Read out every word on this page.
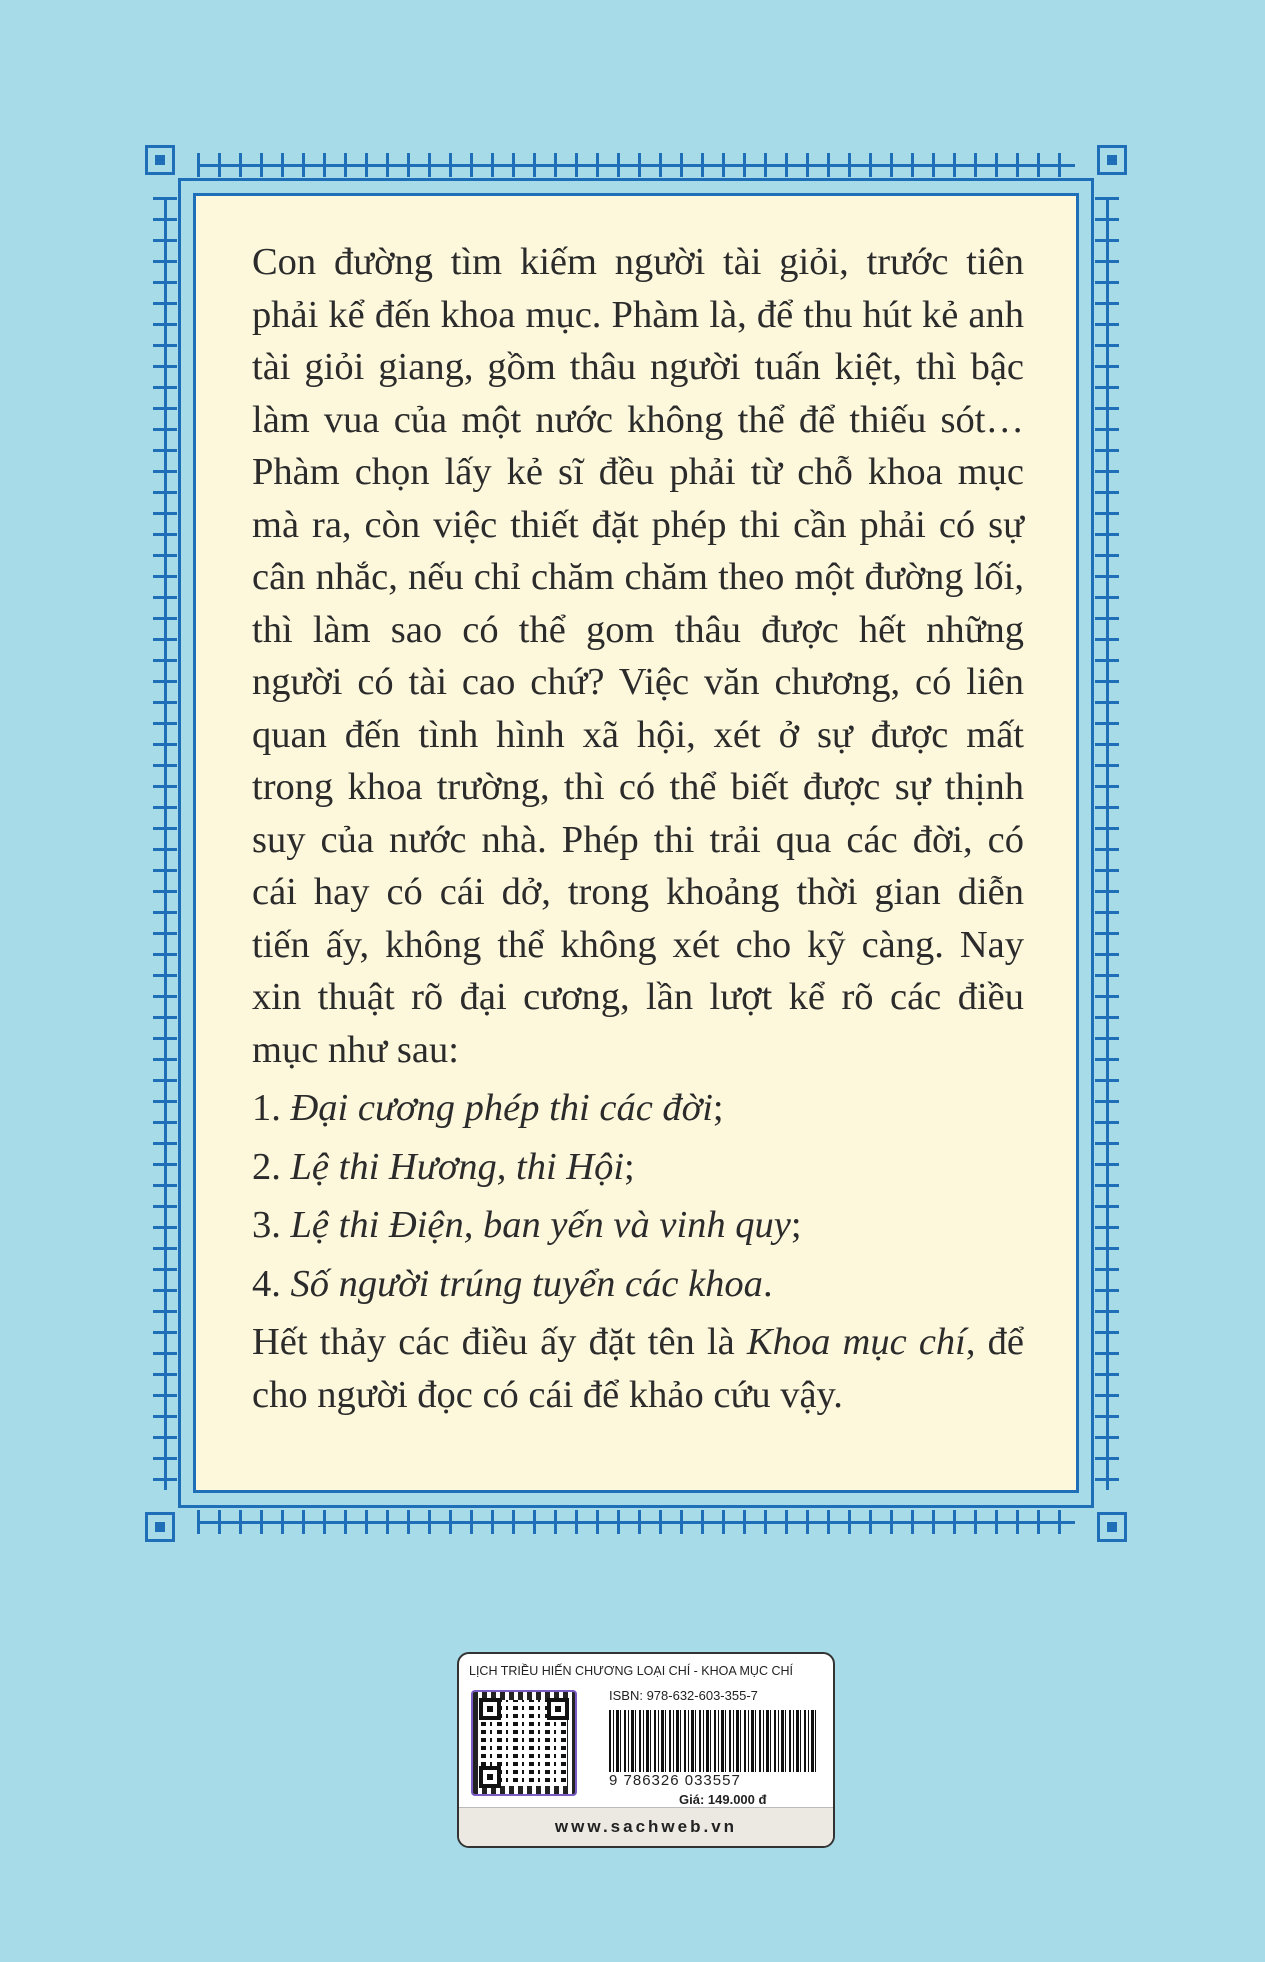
Con đường tìm kiếm người tài giỏi, trước tiên phải kể đến khoa mục. Phàm là, để thu hút kẻ anh tài giỏi giang, gồm thâu người tuấn kiệt, thì bậc làm vua của một nước không thể để thiếu sót… Phàm chọn lấy kẻ sĩ đều phải từ chỗ khoa mục mà ra, còn việc thiết đặt phép thi cần phải có sự cân nhắc, nếu chỉ chăm chăm theo một đường lối, thì làm sao có thể gom thâu được hết những người có tài cao chứ? Việc văn chương, có liên quan đến tình hình xã hội, xét ở sự được mất trong khoa trường, thì có thể biết được sự thịnh suy của nước nhà. Phép thi trải qua các đời, có cái hay có cái dở, trong khoảng thời gian diễn tiến ấy, không thể không xét cho kỹ càng. Nay xin thuật rõ đại cương, lần lượt kể rõ các điều mục như sau:

1. Đại cương phép thi các đời;

2. Lệ thi Hương, thi Hội;

3. Lệ thi Điện, ban yến và vinh quy;

4. Số người trúng tuyển các khoa.

Hết thảy các điều ấy đặt tên là Khoa mục chí, để cho người đọc có cái để khảo cứu vậy.

LỊCH TRIỀU HIẾN CHƯƠNG LOẠI CHÍ - KHOA MỤC CHÍ
ISBN: 978-632-603-355-7
9 786326 033557
Giá: 149.000 đ
www.sachweb.vn
